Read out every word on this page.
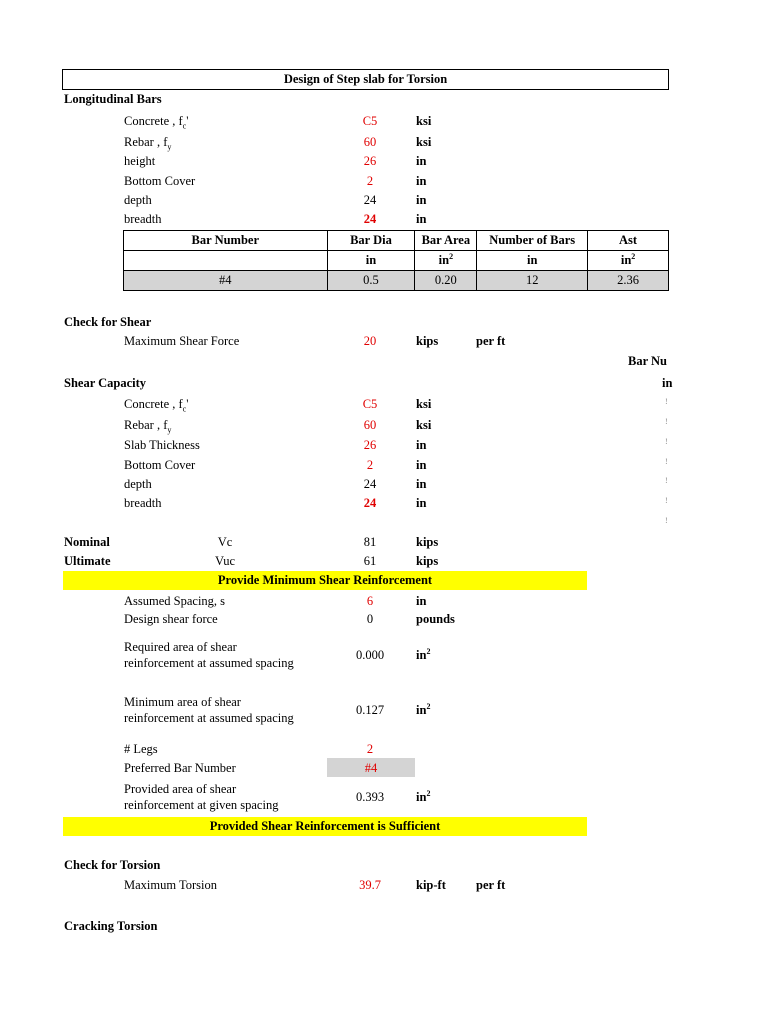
Design of Step slab for Torsion
Longitudinal Bars
Concrete , $f_c'$	C5	ksi
Rebar , $f_y$	60	ksi
height	26	in
Bottom Cover	2	in
depth	24	in
breadth	24	in
Bar Number	Bar Dia	Bar Area	Number of Bars	Ast
	in	$in^2$	in	$in^2$
#4	0.5	0.20	12	2.36
Check for Shear
Maximum Shear Force	20	kips	per ft
Bar Nu
in
!
!
!
!
!
!
!
Shear Capacity
Concrete , $f_c'$	C5	ksi
Rebar , $f_y$	60	ksi
Slab Thickness	26	in
Bottom Cover	2	in
depth	24	in
breadth	24	in
Nominal	Vc	81	kips
Ultimate	Vuc	61	kips
Provide Minimum Shear Reinforcement
Assumed Spacing, s	6	in
Design shear force	0	pounds
Required area of shear
reinforcement at assumed spacing
0.000	$in^2$
Minimum area of shear
reinforcement at assumed spacing
0.127	$in^2$
# Legs	2
Preferred Bar Number	#4
Provided area of shear
reinforcement at given spacing
0.393	$in^2$
Provided Shear Reinforcement is Sufficient
Check for Torsion
Maximum Torsion	39.7	kip-ft per ft
Cracking Torsion
